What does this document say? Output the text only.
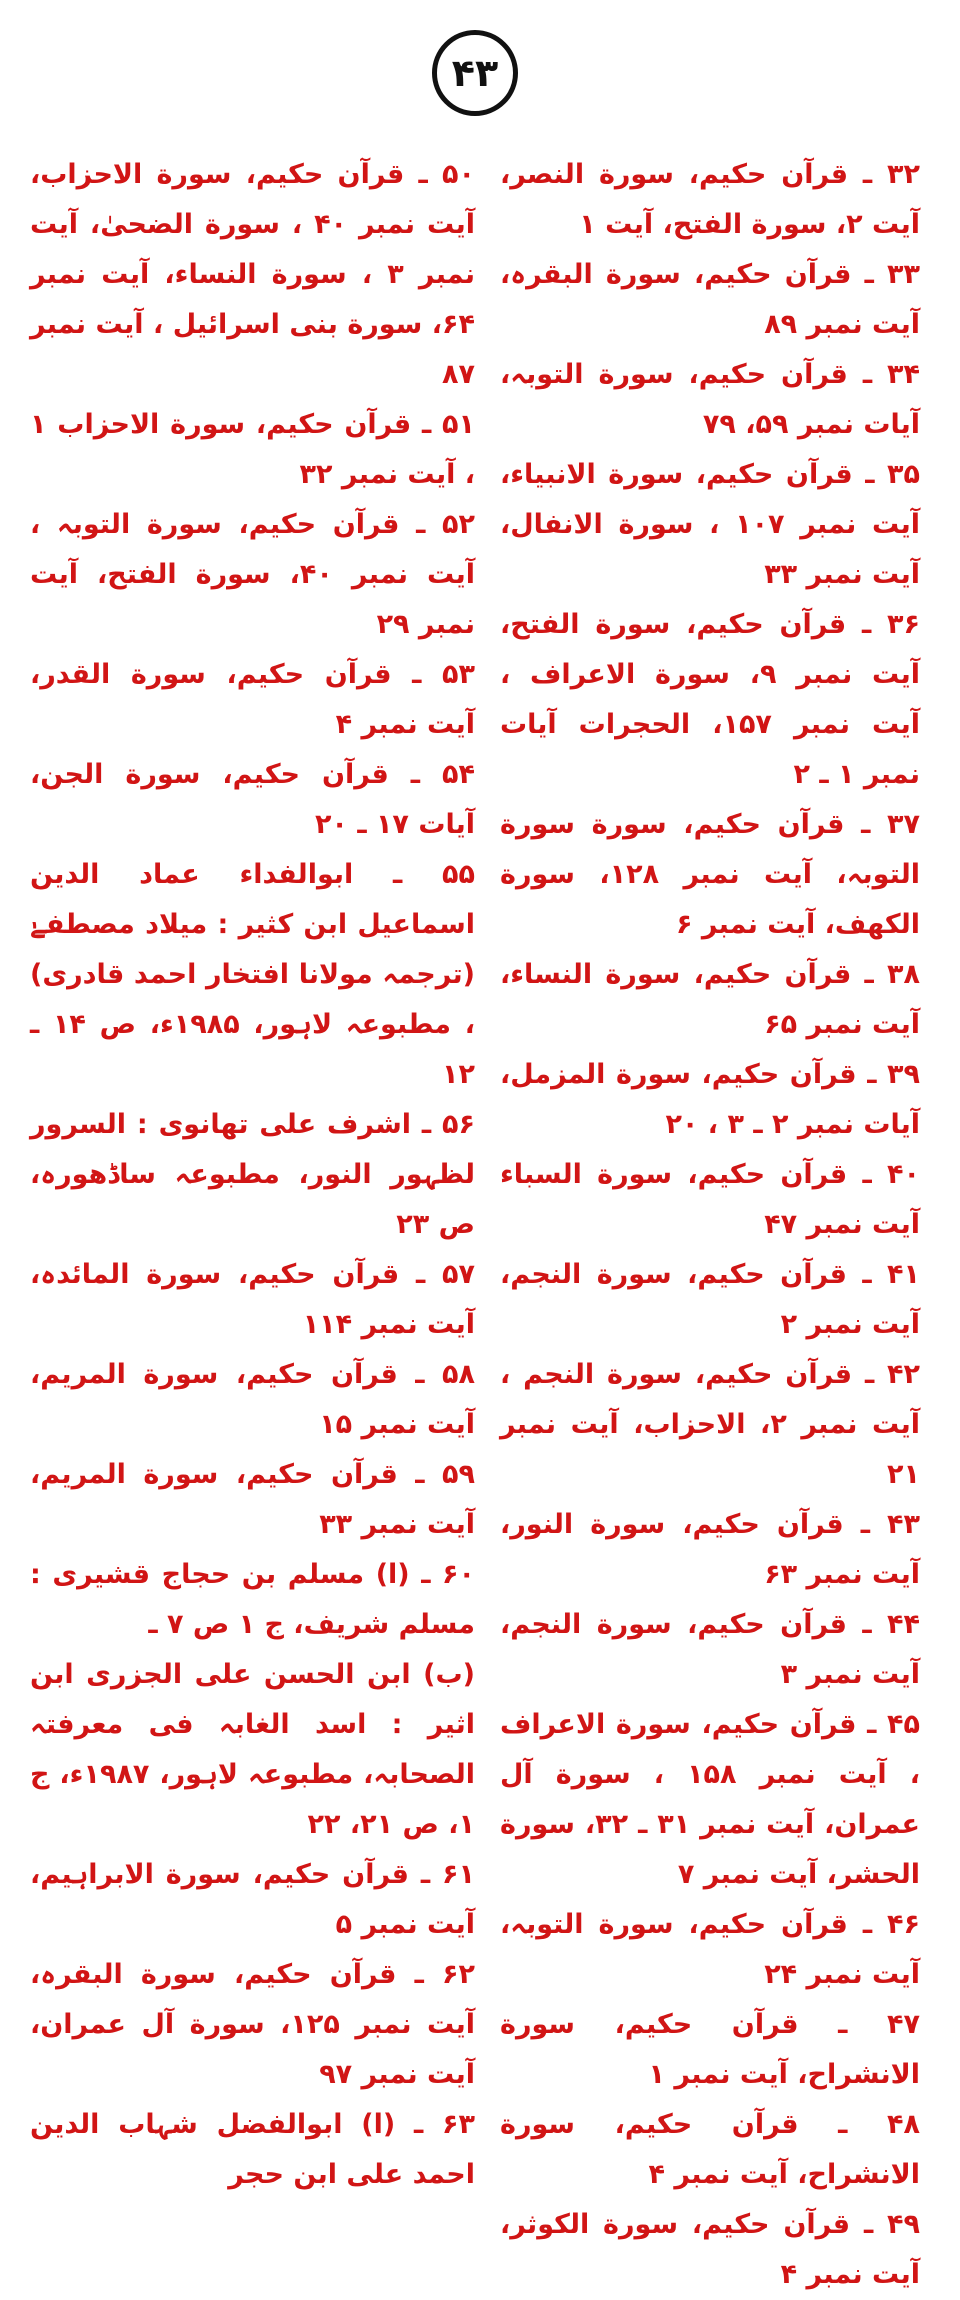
۴۳
۳۲ ـ قرآن حکیم، سورة النصر، آیت ۲، سورة الفتح، آیت ۱
۳۳ ـ قرآن حکیم، سورة البقرہ، آیت نمبر ۸۹
۳۴ ـ قرآن حکیم، سورة التوبہ، آیات نمبر ۵۹، ۷۹
۳۵ ـ قرآن حکیم، سورة الانبیاء، آیت نمبر ۱۰۷ ، سورة الانفال، آیت نمبر ۳۳
۳۶ ـ قرآن حکیم، سورة الفتح، آیت نمبر ۹، سورة الاعراف ، آیت نمبر ۱۵۷، الحجرات آیات نمبر ۱ ـ ۲
۳۷ ـ قرآن حکیم، سورة سورة التوبہ، آیت نمبر ۱۲۸، سورة الکھف، آیت نمبر ۶
۳۸ ـ قرآن حکیم، سورة النساء، آیت نمبر ۶۵
۳۹ ـ قرآن حکیم، سورة المزمل، آیات نمبر ۲ ـ ۳ ، ۲۰
۴۰ ـ قرآن حکیم، سورة السباء آیت نمبر ۴۷
۴۱ ـ قرآن حکیم، سورة النجم، آیت نمبر ۲
۴۲ ـ قرآن حکیم، سورة النجم ، آیت نمبر ۲، الاحزاب، آیت نمبر ۲۱
۴۳ ـ قرآن حکیم، سورة النور، آیت نمبر ۶۳
۴۴ ـ قرآن حکیم، سورة النجم، آیت نمبر ۳
۴۵ ـ قرآن حکیم، سورة الاعراف ، آیت نمبر ۱۵۸ ، سورة آل عمران، آیت نمبر ۳۱ ـ ۳۲، سورة الحشر، آیت نمبر ۷
۴۶ ـ قرآن حکیم، سورة التوبہ، آیت نمبر ۲۴
۴۷ ـ قرآن حکیم، سورة الانشراح، آیت نمبر ۱
۴۸ ـ قرآن حکیم، سورة الانشراح، آیت نمبر ۴
۴۹ ـ قرآن حکیم، سورة الکوثر، آیت نمبر ۴
۵۰ ـ قرآن حکیم، سورة الاحزاب، آیت نمبر ۴۰ ، سورة الضحیٰ، آیت نمبر ۳ ، سورة النساء، آیت نمبر ۶۴، سورة بنی اسرائیل ، آیت نمبر ۸۷
۵۱ ـ قرآن حکیم، سورة الاحزاب ۱ ، آیت نمبر ۳۲
۵۲ ـ قرآن حکیم، سورة التوبہ ، آیت نمبر ۴۰، سورة الفتح، آیت نمبر ۲۹
۵۳ ـ قرآن حکیم، سورة القدر، آیت نمبر ۴
۵۴ ـ قرآن حکیم، سورة الجن، آیات ۱۷ ـ ۲۰
۵۵ ـ ابوالفداء عماد الدین اسماعیل ابن کثیر : میلاد مصطفےٰ (ترجمہ مولانا افتخار احمد قادری) ، مطبوعہ لاہور، ۱۹۸۵ء، ص ۱۴ ـ ۱۲
۵۶ ـ اشرف علی تھانوی : السرور لظہور النور، مطبوعہ ساڈھورہ، ص ۲۳
۵۷ ـ قرآن حکیم، سورة المائدہ، آیت نمبر ۱۱۴
۵۸ ـ قرآن حکیم، سورة المریم، آیت نمبر ۱۵
۵۹ ـ قرآن حکیم، سورة المریم، آیت نمبر ۳۳
۶۰ ـ (ا) مسلم بن حجاج قشیری : مسلم شریف، ج ۱ ص ۷ ـ
(ب) ابن الحسن علی الجزری ابن اثیر : اسد الغابہ فی معرفتہ الصحابہ، مطبوعہ لاہور، ۱۹۸۷ء، ج ۱، ص ۲۱، ۲۲
۶۱ ـ قرآن حکیم، سورة الابراہیم، آیت نمبر ۵
۶۲ ـ قرآن حکیم، سورة البقرہ، آیت نمبر ۱۲۵، سورة آل عمران، آیت نمبر ۹۷
۶۳ ـ (ا) ابوالفضل شہاب الدین احمد علی ابن حجر
